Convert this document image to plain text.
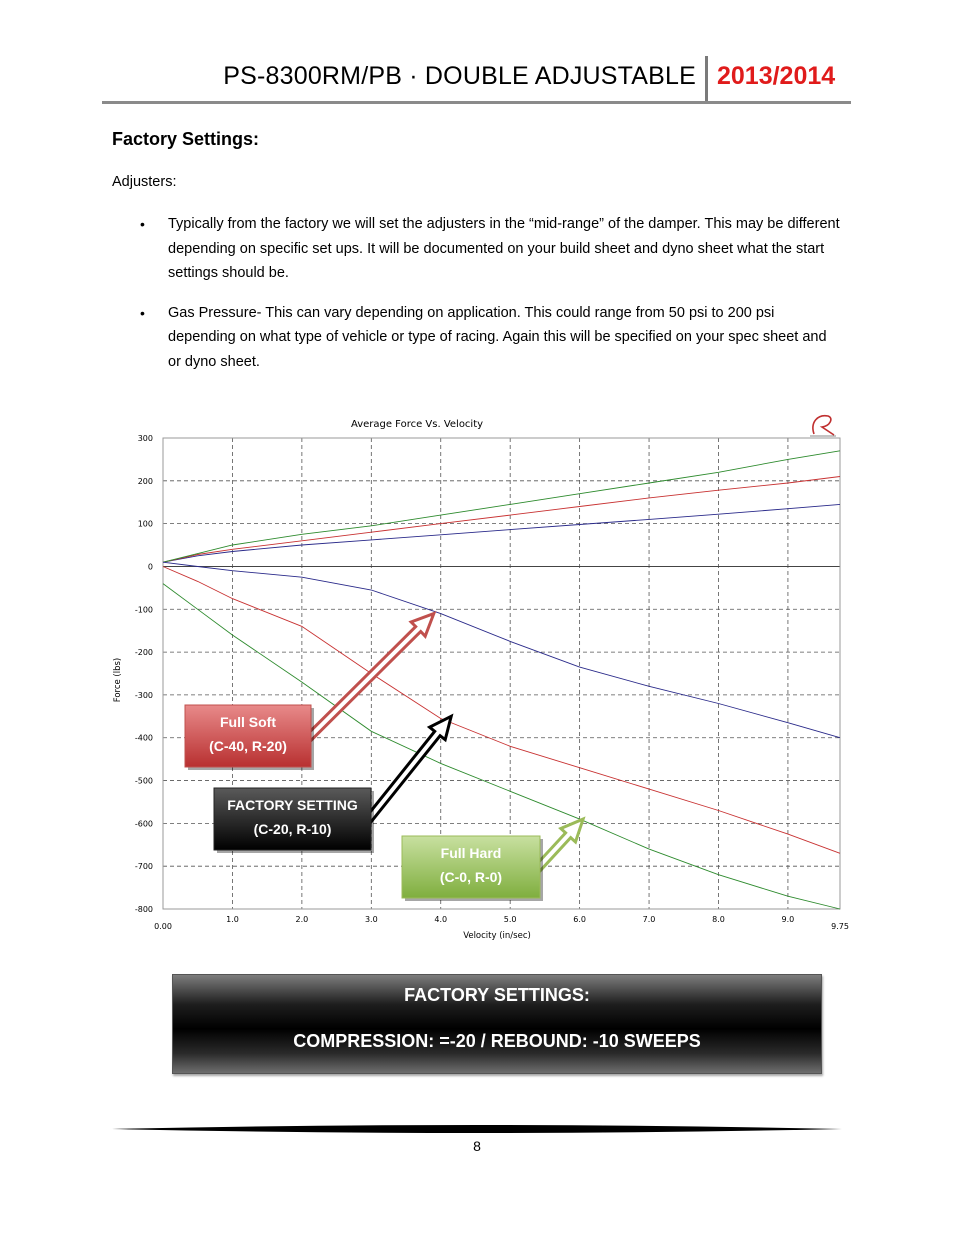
PS-8300RM/PB · DOUBLE ADJUSTABLE 2013/2014
Factory Settings:
Adjusters:
• Typically from the factory we will set the adjusters in the “mid-range” of the damper. This may be different depending on specific set ups. It will be documented on your build sheet and dyno sheet what the start settings should be.
• Gas Pressure- This can vary depending on application. This could range from 50 psi to 200 psi depending on what type of vehicle or type of racing. Again this will be specified on your spec sheet and or dyno sheet.
Average Force Vs. Velocity
0.00
1.0	2.0	3.0	4.0	5.0	6.0	7.0	8.0	9.0
9.75
300
200
100
0
-100
-200
-300
-400
-500
-600
-700
-800
Velocity (in/sec)
Force (lbs)
Full Soft
(C-40, R-20)
FACTORY SETTING
(C-20, R-10)
Full Hard
(C-0, R-0)
FACTORY SETTINGS:
COMPRESSION: =-20 / REBOUND: -10 SWEEPS
8
